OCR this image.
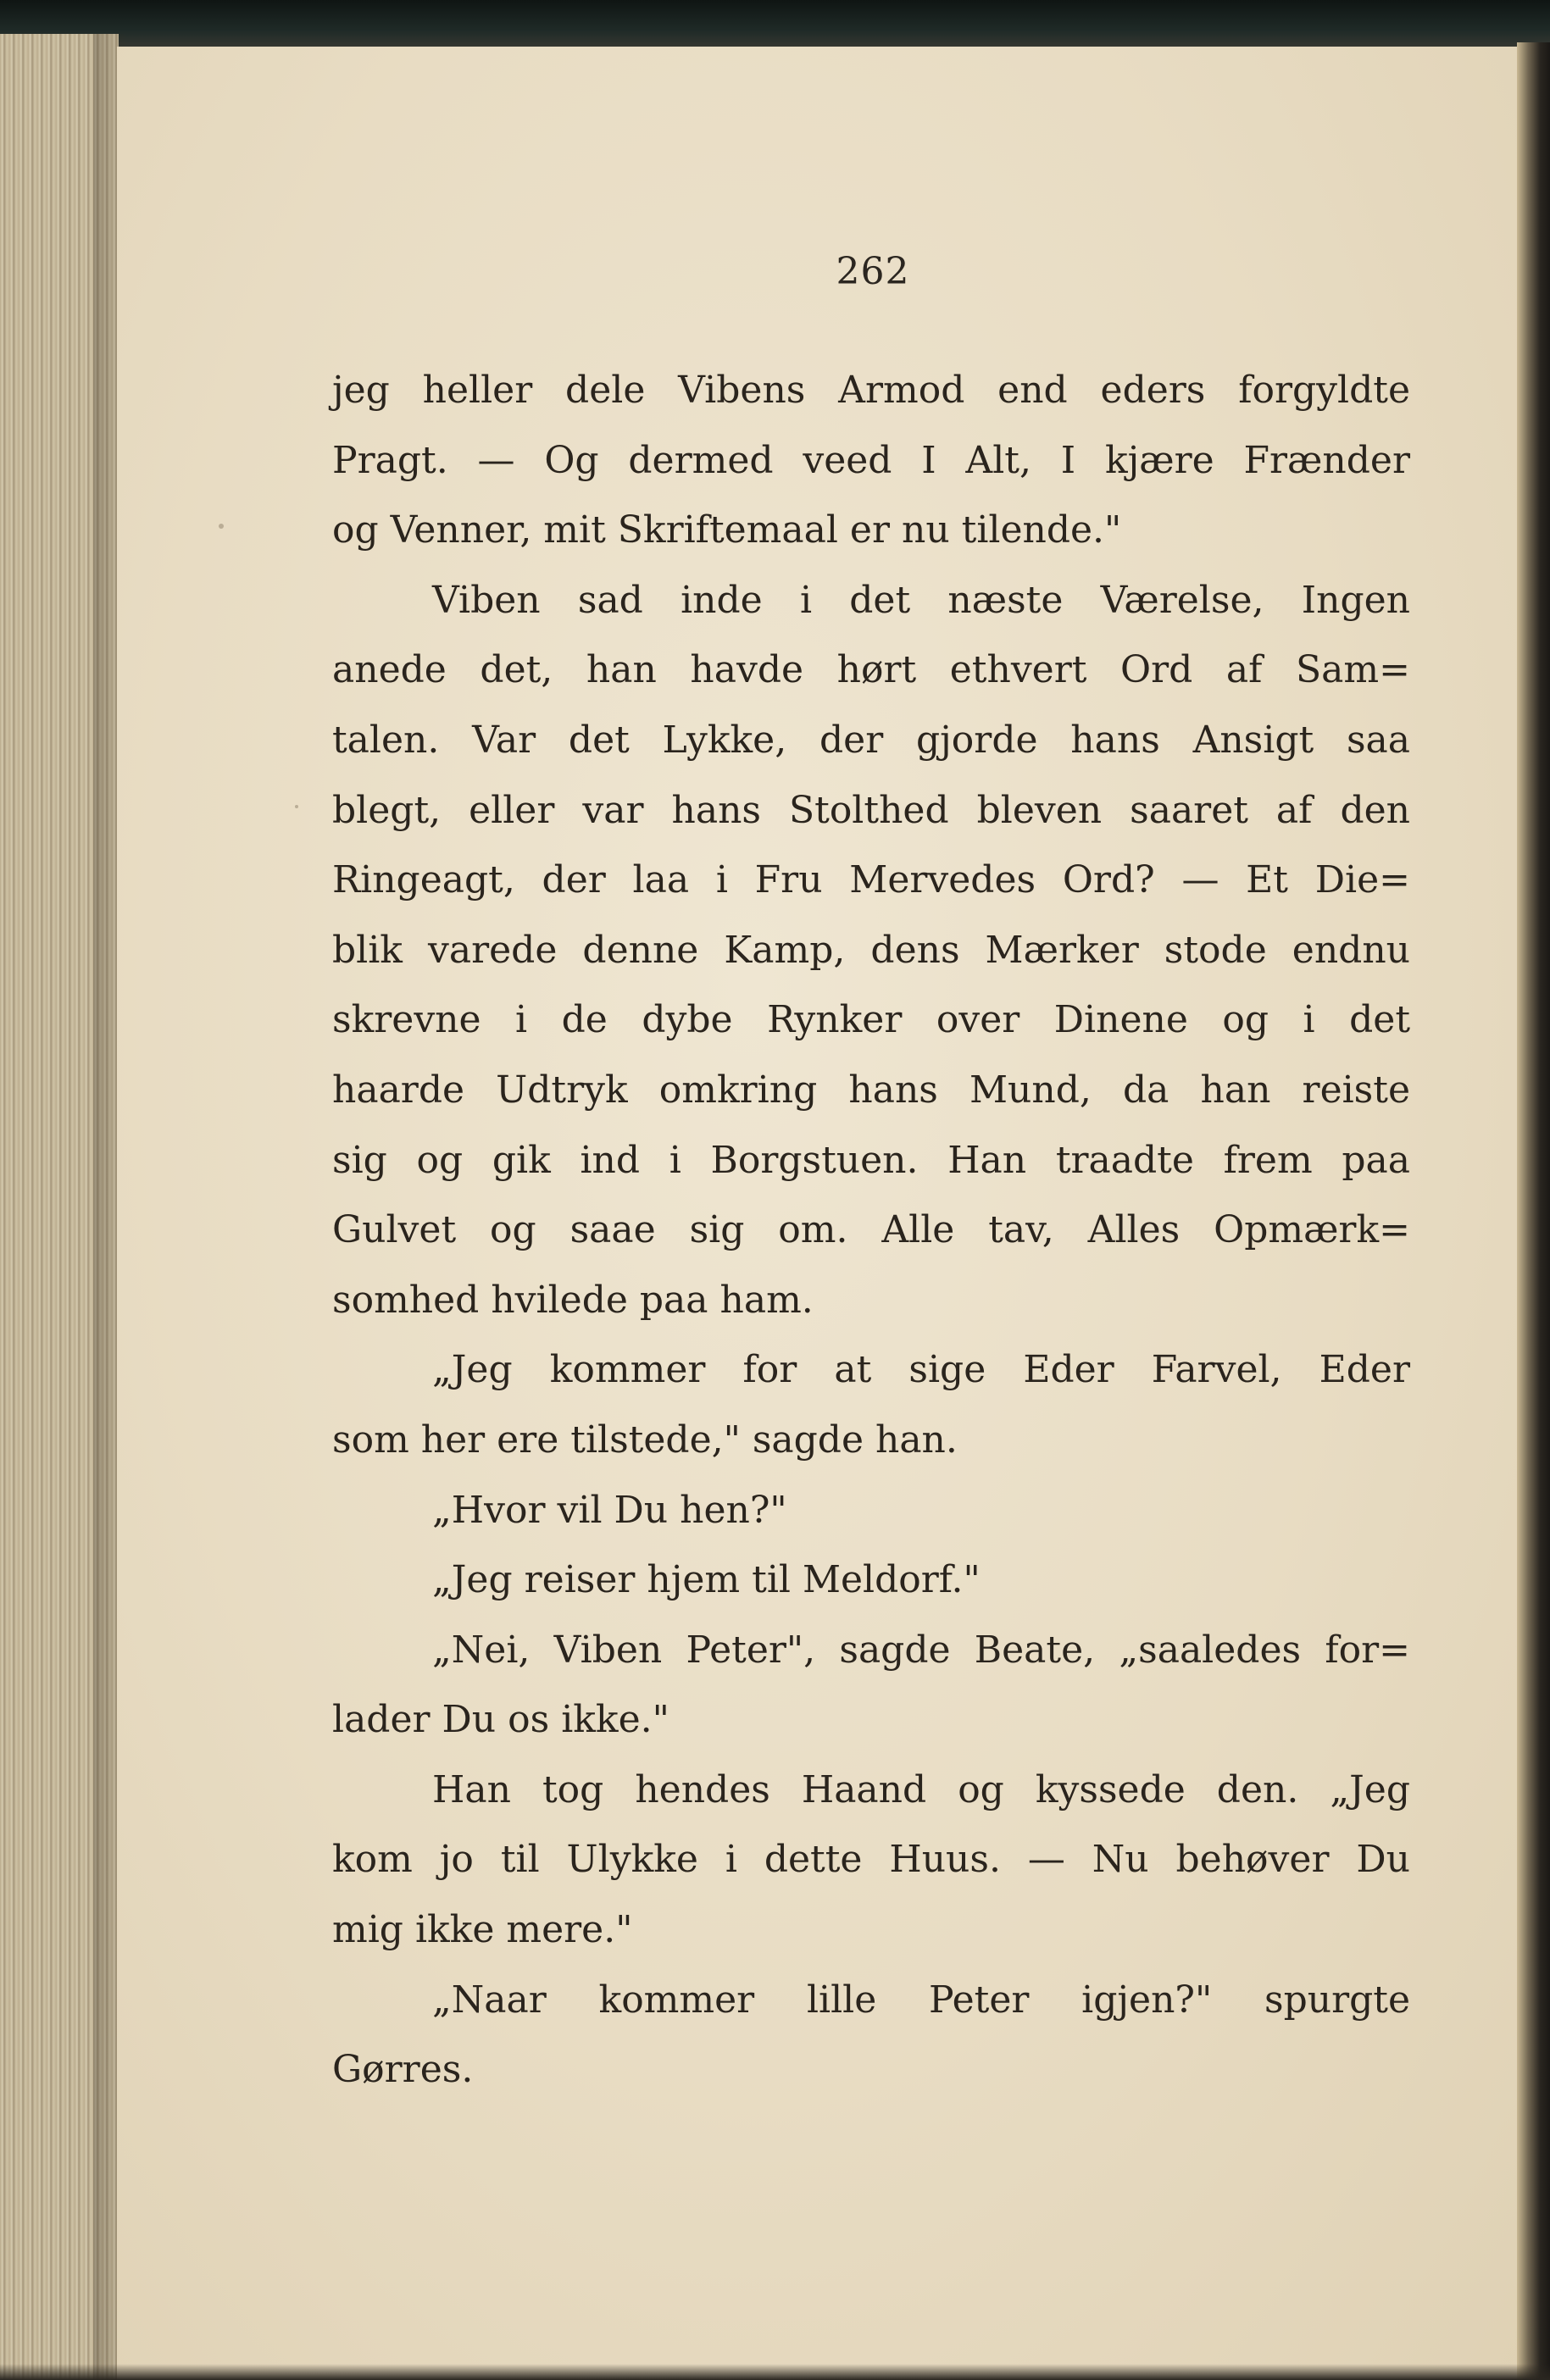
262
jeg heller dele Vibens Armod end eders forgyldte
Pragt. — Og dermed veed I Alt, I kjære Frænder
og Venner, mit Skriftemaal er nu tilende."
Viben sad inde i det næste Værelse, Ingen
anede det, han havde hørt ethvert Ord af Sam=
talen. Var det Lykke, der gjorde hans Ansigt saa
blegt, eller var hans Stolthed bleven saaret af den
Ringeagt, der laa i Fru Mervedes Ord? — Et Die=
blik varede denne Kamp, dens Mærker stode endnu
skrevne i de dybe Rynker over Dinene og i det
haarde Udtryk omkring hans Mund, da han reiste
sig og gik ind i Borgstuen. Han traadte frem paa
Gulvet og saae sig om. Alle tav, Alles Opmærk=
somhed hvilede paa ham.
„Jeg kommer for at sige Eder Farvel, Eder
som her ere tilstede," sagde han.
„Hvor vil Du hen?"
„Jeg reiser hjem til Meldorf."
„Nei, Viben Peter", sagde Beate, „saaledes for=
lader Du os ikke."
Han tog hendes Haand og kyssede den. „Jeg
kom jo til Ulykke i dette Huus. — Nu behøver Du
mig ikke mere."
„Naar kommer lille Peter igjen?" spurgte
Gørres.
